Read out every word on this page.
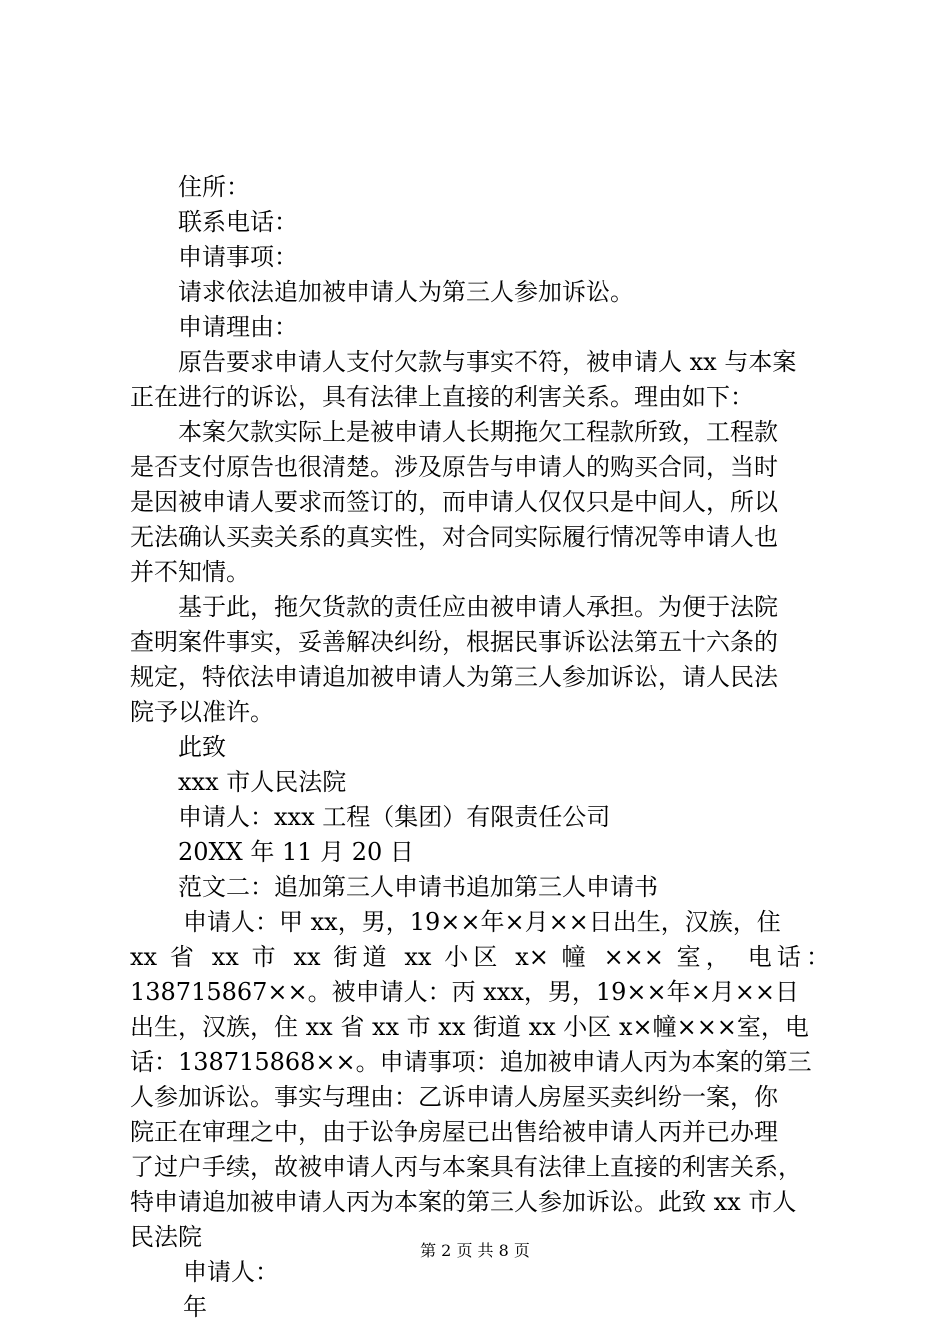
住所：
联系电话：
申请事项：
请求依法追加被申请人为第三人参加诉讼。
申请理由：
原告要求申请人支付欠款与事实不符，被申请人 xx 与本案
正在进行的诉讼，具有法律上直接的利害关系。理由如下：
本案欠款实际上是被申请人长期拖欠工程款所致，工程款
是否支付原告也很清楚。涉及原告与申请人的购买合同，当时
是因被申请人要求而签订的，而申请人仅仅只是中间人，所以
无法确认买卖关系的真实性，对合同实际履行情况等申请人也
并不知情。
基于此，拖欠货款的责任应由被申请人承担。为便于法院
查明案件事实，妥善解决纠纷，根据民事诉讼法第五十六条的
规定，特依法申请追加被申请人为第三人参加诉讼，请人民法
院予以准许。
此致
xxx 市人民法院
申请人：xxx 工程（集团）有限责任公司
20XX 年 11 月 20 日
范文二：追加第三人申请书追加第三人申请书
申请人：甲 xx，男，19××年×月××日出生，汉族，住
xx 省 xx 市 xx 街道 xx 小区 x× 幢 ××× 室， 电话：
138715867××。被申请人：丙 xxx，男，19××年×月××日
出生，汉族，住 xx 省 xx 市 xx 街道 xx 小区 x×幢×××室，电
话：138715868××。申请事项：追加被申请人丙为本案的第三
人参加诉讼。事实与理由：乙诉申请人房屋买卖纠纷一案，你
院正在审理之中，由于讼争房屋已出售给被申请人丙并已办理
了过户手续，故被申请人丙与本案具有法律上直接的利害关系，
特申请追加被申请人丙为本案的第三人参加诉讼。此致 xx 市人
民法院
申请人：
年
第 2 页 共 8 页
